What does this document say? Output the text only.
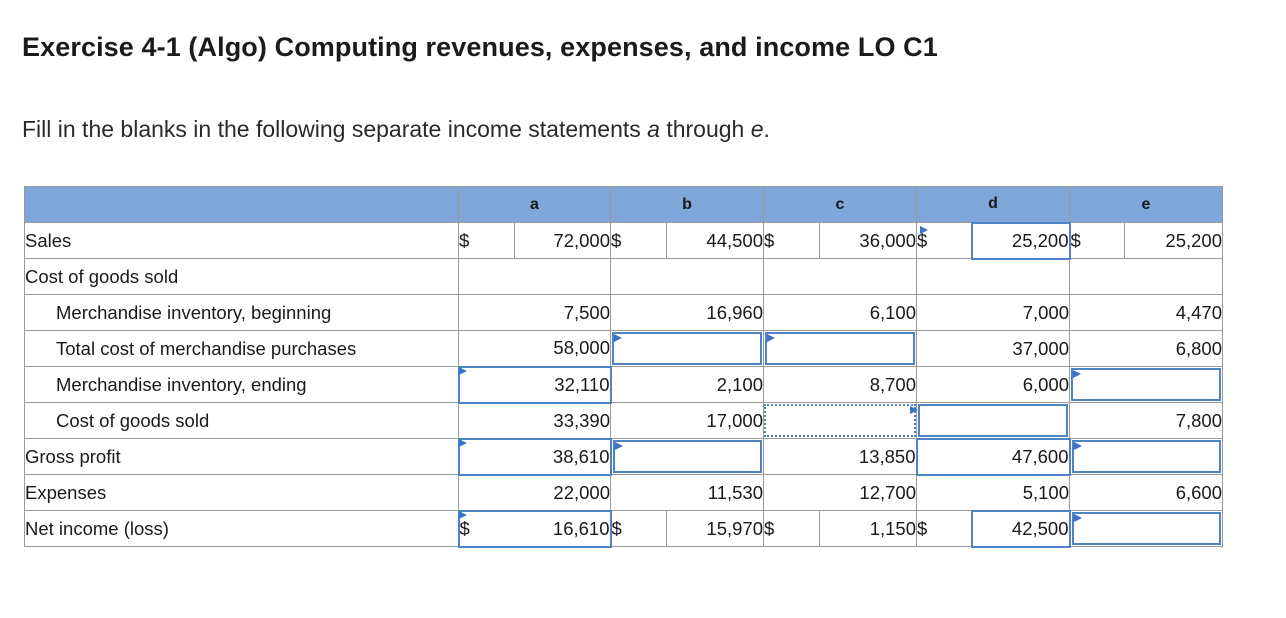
Exercise 4-1 (Algo) Computing revenues, expenses, and income LO C1
Fill in the blanks in the following separate income statements a through e.
	a		b		c		d		e	
Sales	$	72,000	$	44,500	$	36,000	$	25,200	$	25,200
Cost of goods sold										
Merchandise inventory, beginning	7,500		16,960		6,100		7,000		4,470	
Total cost of merchandise purchases	58,000						37,000		6,800	
Merchandise inventory, ending	32,110		2,100		8,700		6,000			

Cost of goods sold	33,390		17,000						7,800	
Gross profit	38,610				13,850		47,600			

Expenses	22,000		11,530		12,700		5,100		6,600	
Net income (loss)	$	16,610	$	15,970	$	1,150	$	42,500		
